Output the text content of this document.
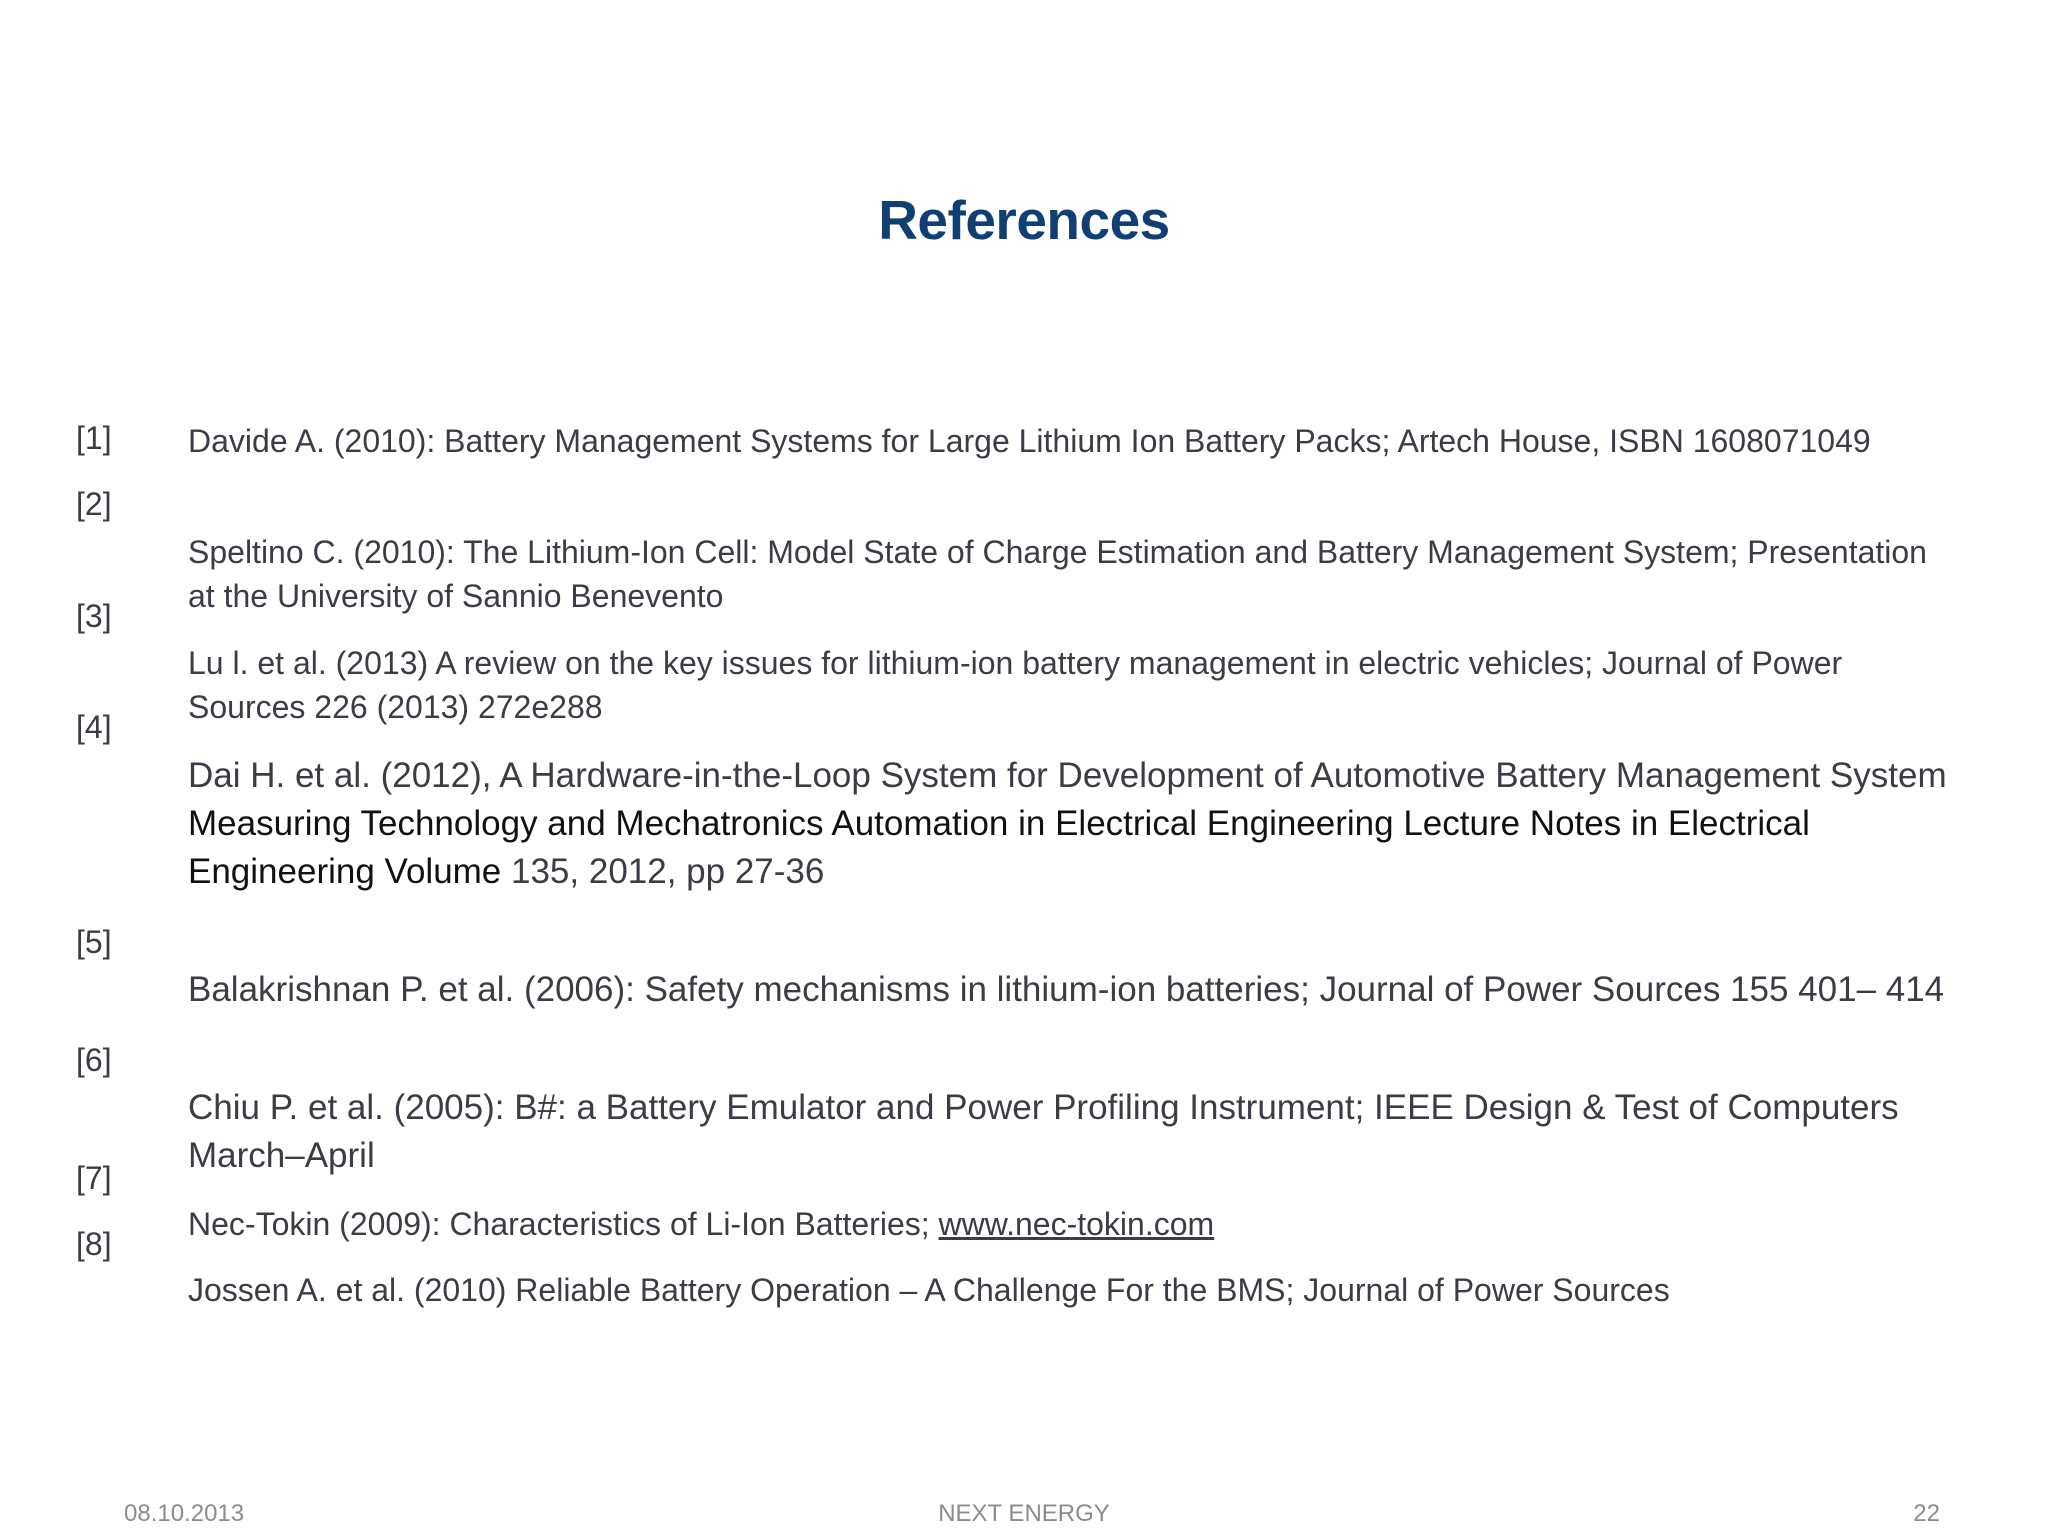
References
[1]
[2]
[3]
[4]
[5]
[6]
[7]
[8]
Davide A. (2010): Battery Management Systems for Large Lithium Ion Battery Packs; Artech House, ISBN 1608071049
Speltino C. (2010): The Lithium-Ion Cell: Model State of Charge Estimation and Battery Management System; Presentation at the University of Sannio Benevento
Lu l. et al. (2013) A review on the key issues for lithium-ion battery management in electric vehicles; Journal of Power Sources 226 (2013) 272e288
Dai H. et al. (2012), A Hardware-in-the-Loop System for Development of Automotive Battery Management System
Measuring Technology and Mechatronics Automation in Electrical Engineering Lecture Notes in Electrical Engineering Volume 135, 2012, pp 27-36
Balakrishnan P. et al. (2006): Safety mechanisms in lithium-ion batteries; Journal of Power Sources 155 401– 414
Chiu P. et al. (2005): B#: a Battery Emulator and Power Profiling Instrument; IEEE Design & Test of Computers March–April
Nec-Tokin (2009): Characteristics of Li-Ion Batteries; www.nec-tokin.com
Jossen A. et al. (2010) Reliable Battery Operation – A Challenge For the BMS; Journal of Power Sources
08.10.2013	NEXT ENERGY	22
